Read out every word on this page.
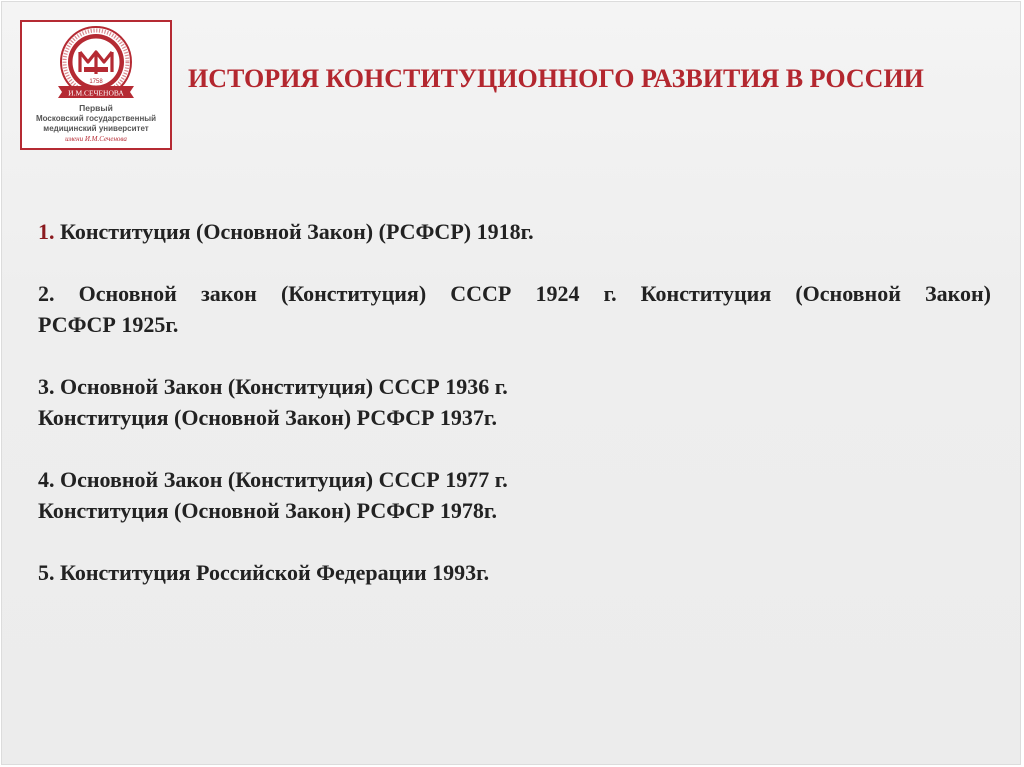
1758
И.М.СЕЧЕНОВА
Первый
Московский государственный
медицинский университет
имени И.М.Сеченова
ИСТОРИЯ КОНСТИТУЦИОННОГО РАЗВИТИЯ В РОССИИ
1. Конституция (Основной Закон) (РСФСР) 1918г.
2. Основной закон (Конституция) СССР 1924 г. Конституция (Основной Закон)
РСФСР 1925г.
3. Основной Закон (Конституция) СССР 1936 г.
Конституция (Основной Закон) РСФСР 1937г.
4. Основной Закон (Конституция) СССР 1977 г.
Конституция (Основной Закон) РСФСР 1978г.
5. Конституция Российской Федерации 1993г.
